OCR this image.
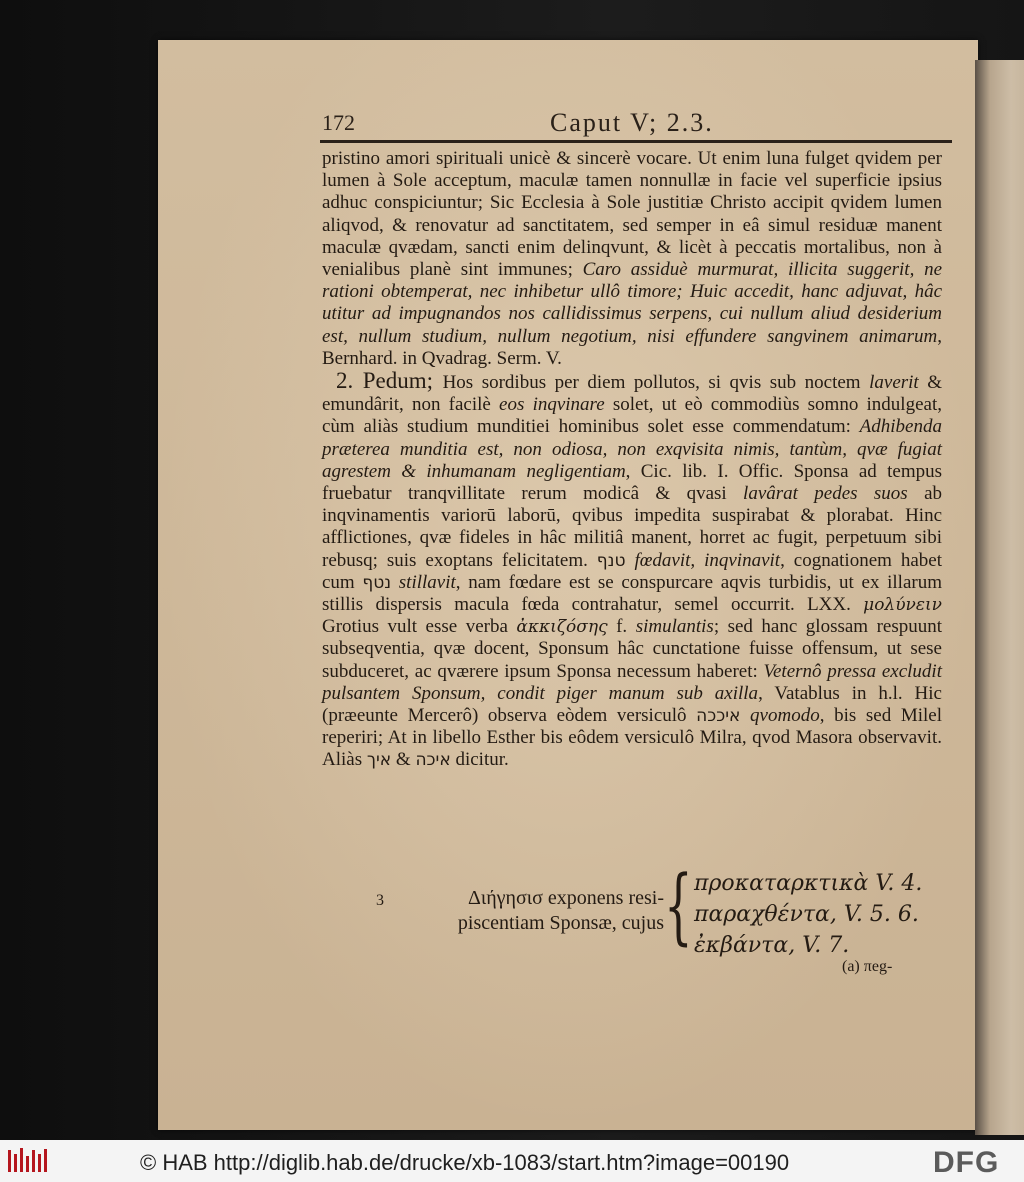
172	Caput V; 2.3.

pristino amori spirituali unicè & sincerè vocare. Ut enim luna fulget qvidem per lumen à Sole acceptum, maculæ tamen nonnullæ in facie vel superficie ipsius adhuc conspiciuntur; Sic Ecclesia à Sole justitiæ Christo accipit qvidem lumen aliqvod, & renovatur ad sanctitatem, sed semper in eâ simul residuæ manent maculæ qvædam, sancti enim delinqvunt, & licèt à peccatis mortalibus, non à venialibus planè sint immunes; Caro assiduè murmurat, illicita suggerit, ne rationi obtemperat, nec inhibetur ullô timore; Huic accedit, hanc adjuvat, hâc utitur ad impugnandos nos callidissimus serpens, cui nullum aliud desiderium est, nullum studium, nullum negotium, nisi effundere sangvinem animarum, Bernhard. in Qvadrag. Serm. V.

2. Pedum; Hos sordibus per diem pollutos, si qvis sub noctem laverit & emundârit, non facilè eos inqvinare solet, ut eò commodiùs somno indulgeat, cùm aliàs studium munditiei hominibus solet esse commendatum: Adhibenda præterea munditia est, non odiosa, non exqvisita nimis, tantùm, qvæ fugiat agrestem & inhumanam negligentiam, Cic. lib. I. Offic. Sponsa ad tempus fruebatur tranqvillitate rerum modicâ & qvasi lavârat pedes suos ab inqvinamentis variorū laborū, qvibus impedita suspirabat & plorabat. Hinc afflictiones, qvæ fideles in hâc militiâ manent, horret ac fugit, perpetuum sibi rebusq; suis exoptans felicitatem. טנף fœdavit, inqvinavit, cognationem habet cum נטף stillavit, nam fœdare est se conspurcare aqvis turbidis, ut ex illarum stillis dispersis macula fœda contrahatur, semel occurrit. LXX. μολύνειν Grotius vult esse verba ἀκκιζόσης f. simulantis; sed hanc glossam respuunt subseqventia, qvæ docent, Sponsum hâc cunctatione fuisse offensum, ut sese subduceret, ac qværere ipsum Sponsa necessum haberet: Veternô pressa excludit pulsantem Sponsum, condit piger manum sub axilla, Vatablus in h.l. Hic (præeunte Mercerô) observa eòdem versiculô איככה qvomodo, bis sed Milel reperiri; At in libello Esther bis eôdem versiculô Milra, qvod Masora observavit. Aliàs	איכה & איך	dicitur.

3	Διήγησισ exponens resi-
piscentiam Sponsæ, cujus { προκαταρκτικὰ V. 4.
παραχθέντα, V. 5. 6.
ἐκβάντα, V. 7.
(a) πeg-
© HAB http://diglib.hab.de/drucke/xb-1083/start.htm?image=00190	DFG
